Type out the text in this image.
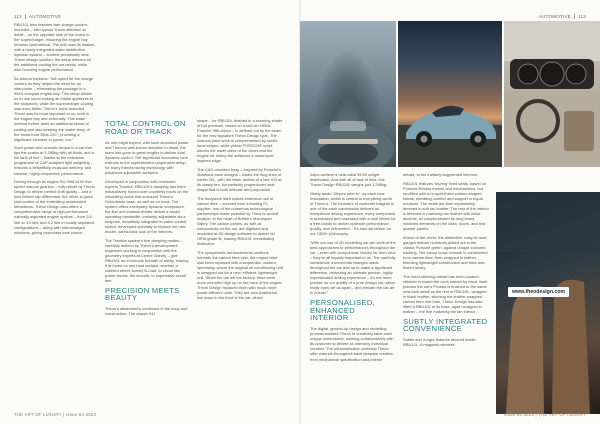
112 AUTOMOTIVE	AUTOMOTIVE 113

RBU10L also features twin charge coolers, mounted – with typical Theon attention to detail – on the opposite side of the motor to the supercharger, ensuring the engine bay remains symmetrical. The unit uses its intakes with a newly integrated water distribution injection system – another predictably neat Theon design solution; the setup delivers all the additional cooling the car needs, while also boosting engine performance.

As Adamo explains: “We opted for the charge coolers as they helped the need for an intercooler – eliminating the package in a 964’s compact engine bay. This setup allows us to use usual looking air intake apertures to the bodywork, while the supercharger cooling was even better. Theon’s trunk-mounted Theon was its most important to us, both in the engine bay and externally. This water method further adds an additional sense of cooling and also keeping the intake temp of the boost from 964s 120°, providing a significant increase in power, too.”

Such power and acoustic torque in a car that tips the scales at 1,295kg with all fluids, and a full tank of fuel – thanks to the extensive programme of CAP-sculpted light weighting – ensures a delightfully muscular delivery, and visceral, highly-responsive performance.

Driving through its engine 911 R66 6100 five-speed manual gearbox – fully rebuilt by Theon Design to deliver perfect shift quality – and a new limited slip differential, the driver is given total control of the enthralling accelerated sensations. Theon Design also offers a comprehensive range of high-performance naturally aspirated engine options – from 3.6 litre to 4.0 litre and 4.2 litre in locally aspirated configurations – along with turbocharged solutions, giving customers total choice.

TOTAL CONTROL ON ROAD OR TRACK

As one might expect, with such abundant power and Theon’s well-known attention to detail, the team has gone to great lengths to deliver total dynamic control. The significant innovation here extends to the sophisticated suspension setup, for many frames racing technology with advanced adjustable dampers.

Developed in conjunction with renowned experts Tractive, RBU10L’s damping has been exhaustively honed over countless hours on the circulating roads that surround Theon’s Oxfordshire base, as well as on track. The system offers exemplary dynamic composure, the feel and chassis mobile deliver a broad operating bandwidth, instantly adjustable via a bespoke, beautifully integrated in-cabin control switch, developed specially to replace the new model, pared-back look of the interiors.

The Tractive system’s five damping modes – carefully defined by Theon’s development engineers working in conjunction with the geometry experts at Centre Gravity – give RBU10L an enormous breadth of ability, making it at home on any road surface, whether a cobbled street, twenty B-road, to circuit like power bursts, the smooth, to impressive circuit feel.

PRECISION MEETS BEAUTY

Theon’s attainment’s continued in the body and construction. The classic 911

shape – for RBU10L finished in a stunning shade of hot premium, based on a mid-ish 1950s Porsche 356 colour – is defined not by the beam for the new signature Theon Design type. The lustrous paint work is complemented by subtle tonal stripes, while yellow PORSCHE script adorns the lower sides of the doors and the engine lid, aiding the adhesion a motorsport-inspired edge.

The CAD-moulded body – inspired by Porsche’s illustrious track designs – backs the long lines of earlier G/L, with the wider arches of a late 911 at its classy fed, but perfectly proportioned side shape that is both delicate and purposeful.

The bodywork itself makes extensive use of carbon fibre – sourced from a leading F1 supplier, one of the numerous technological partnerships made possible by Theon’s central location, in the heart of Britain’s Motorsport Valley. The carbon panels, as with all components on the car, are digitised and modelled at 3D design software to deliver an OEM-grade fit, making RBU10L immediately distinctive.

The sympathetic enhancements continue beneath the carbon fibre skin, the engine brief was been replaced with a sequential, modern, speedway, where the original air conditioning unit is swapped out for a new, efficient, lightweight unit. When the car left the factory, there were more mounted high up on the back of the engine. Theon Design replaced them with much more power-efficient units. They are now positioned low down in the front of the car, which

helps achieve a near-ideal 39:59 weight distribution. And with all of lack of fluid, this Theon Design RBU10L weighs just 1,295kg.

Newly audio ‘Stripes refer to’, as each new restoration, which is central to everything world of Theon’s. The founders of customer insights is one of the each commission delivers an exceptional driving experience, every component is scrutinised and assessed with a new Works for a free-hands to deliver optimum performance, quality, and refinement – it’s how we deliver on our OEM+ philosophy.

“With our use of 3D modelling we can work at the best approaches to performances throughout the car – even with components hidden far from view – they’re all equally important to us. The carefully considered, incremental changes made throughout the car add up to make a significant difference, delivering an ultimate precise, highly sophisticated driving experience – it’s the more precise on our quality of a pure design car, which really does set us apart – and elevate the car-art to a level.”

PERSONALISED, ENHANCED INTERIOR

The digital, ground-up design and modelling process enables Theon to creatively tailor each unique commission, working collaboratively with its customer to deliver an intensely individual creation. The personalisation potential Theon offer extends throughout each bespoke creation, from mechanical specification and interior

details, to the invisibly augmented interiors.

RBU10L features ‘touring’ fixed seats, based on Porsche Recaro frames and mechanisms, but modified with a re-speed and custom-shaped foams, elevating comfort and support in equal measure. The seats are then expensively trimmed in soft tan leather. The rest of the interior is trimmed in matching tan leather with black accents, all complemented by long tones, matched elements on the dash, doors, and rear quarter panels.

Ahead of the driver, the distinctive, easy-to-read gauges feature numerals picked out in the classic Porsche green, against unique coloured backing. The luxury cross console is constructed from carbon fibre, then wrapped in leather, blending lightweight construction and tried-and-tested luxury.

The hand-stitching ahead has been custom-stitched to match the car’s interior by hand, itself (carries the car’s Prussia is finished to the same new-bold detail as the rest of RBU10L, wrapped in black leather, stitching the leather-wrapped carbon fibre hoe tube. Theon Design has also fitted a RBU10L at its base, again wrapped in leather – the fine matching the tan interior.

SUBTLY INTEGRATED CONVENIENCE

Subtle and in-light features abound inside RBU10L. A magnetic wireless

www.theodesign.com
THE ART OF LUXURY | Issue 64 2023	Issue 64 2023 | THE ART OF LUXURY
